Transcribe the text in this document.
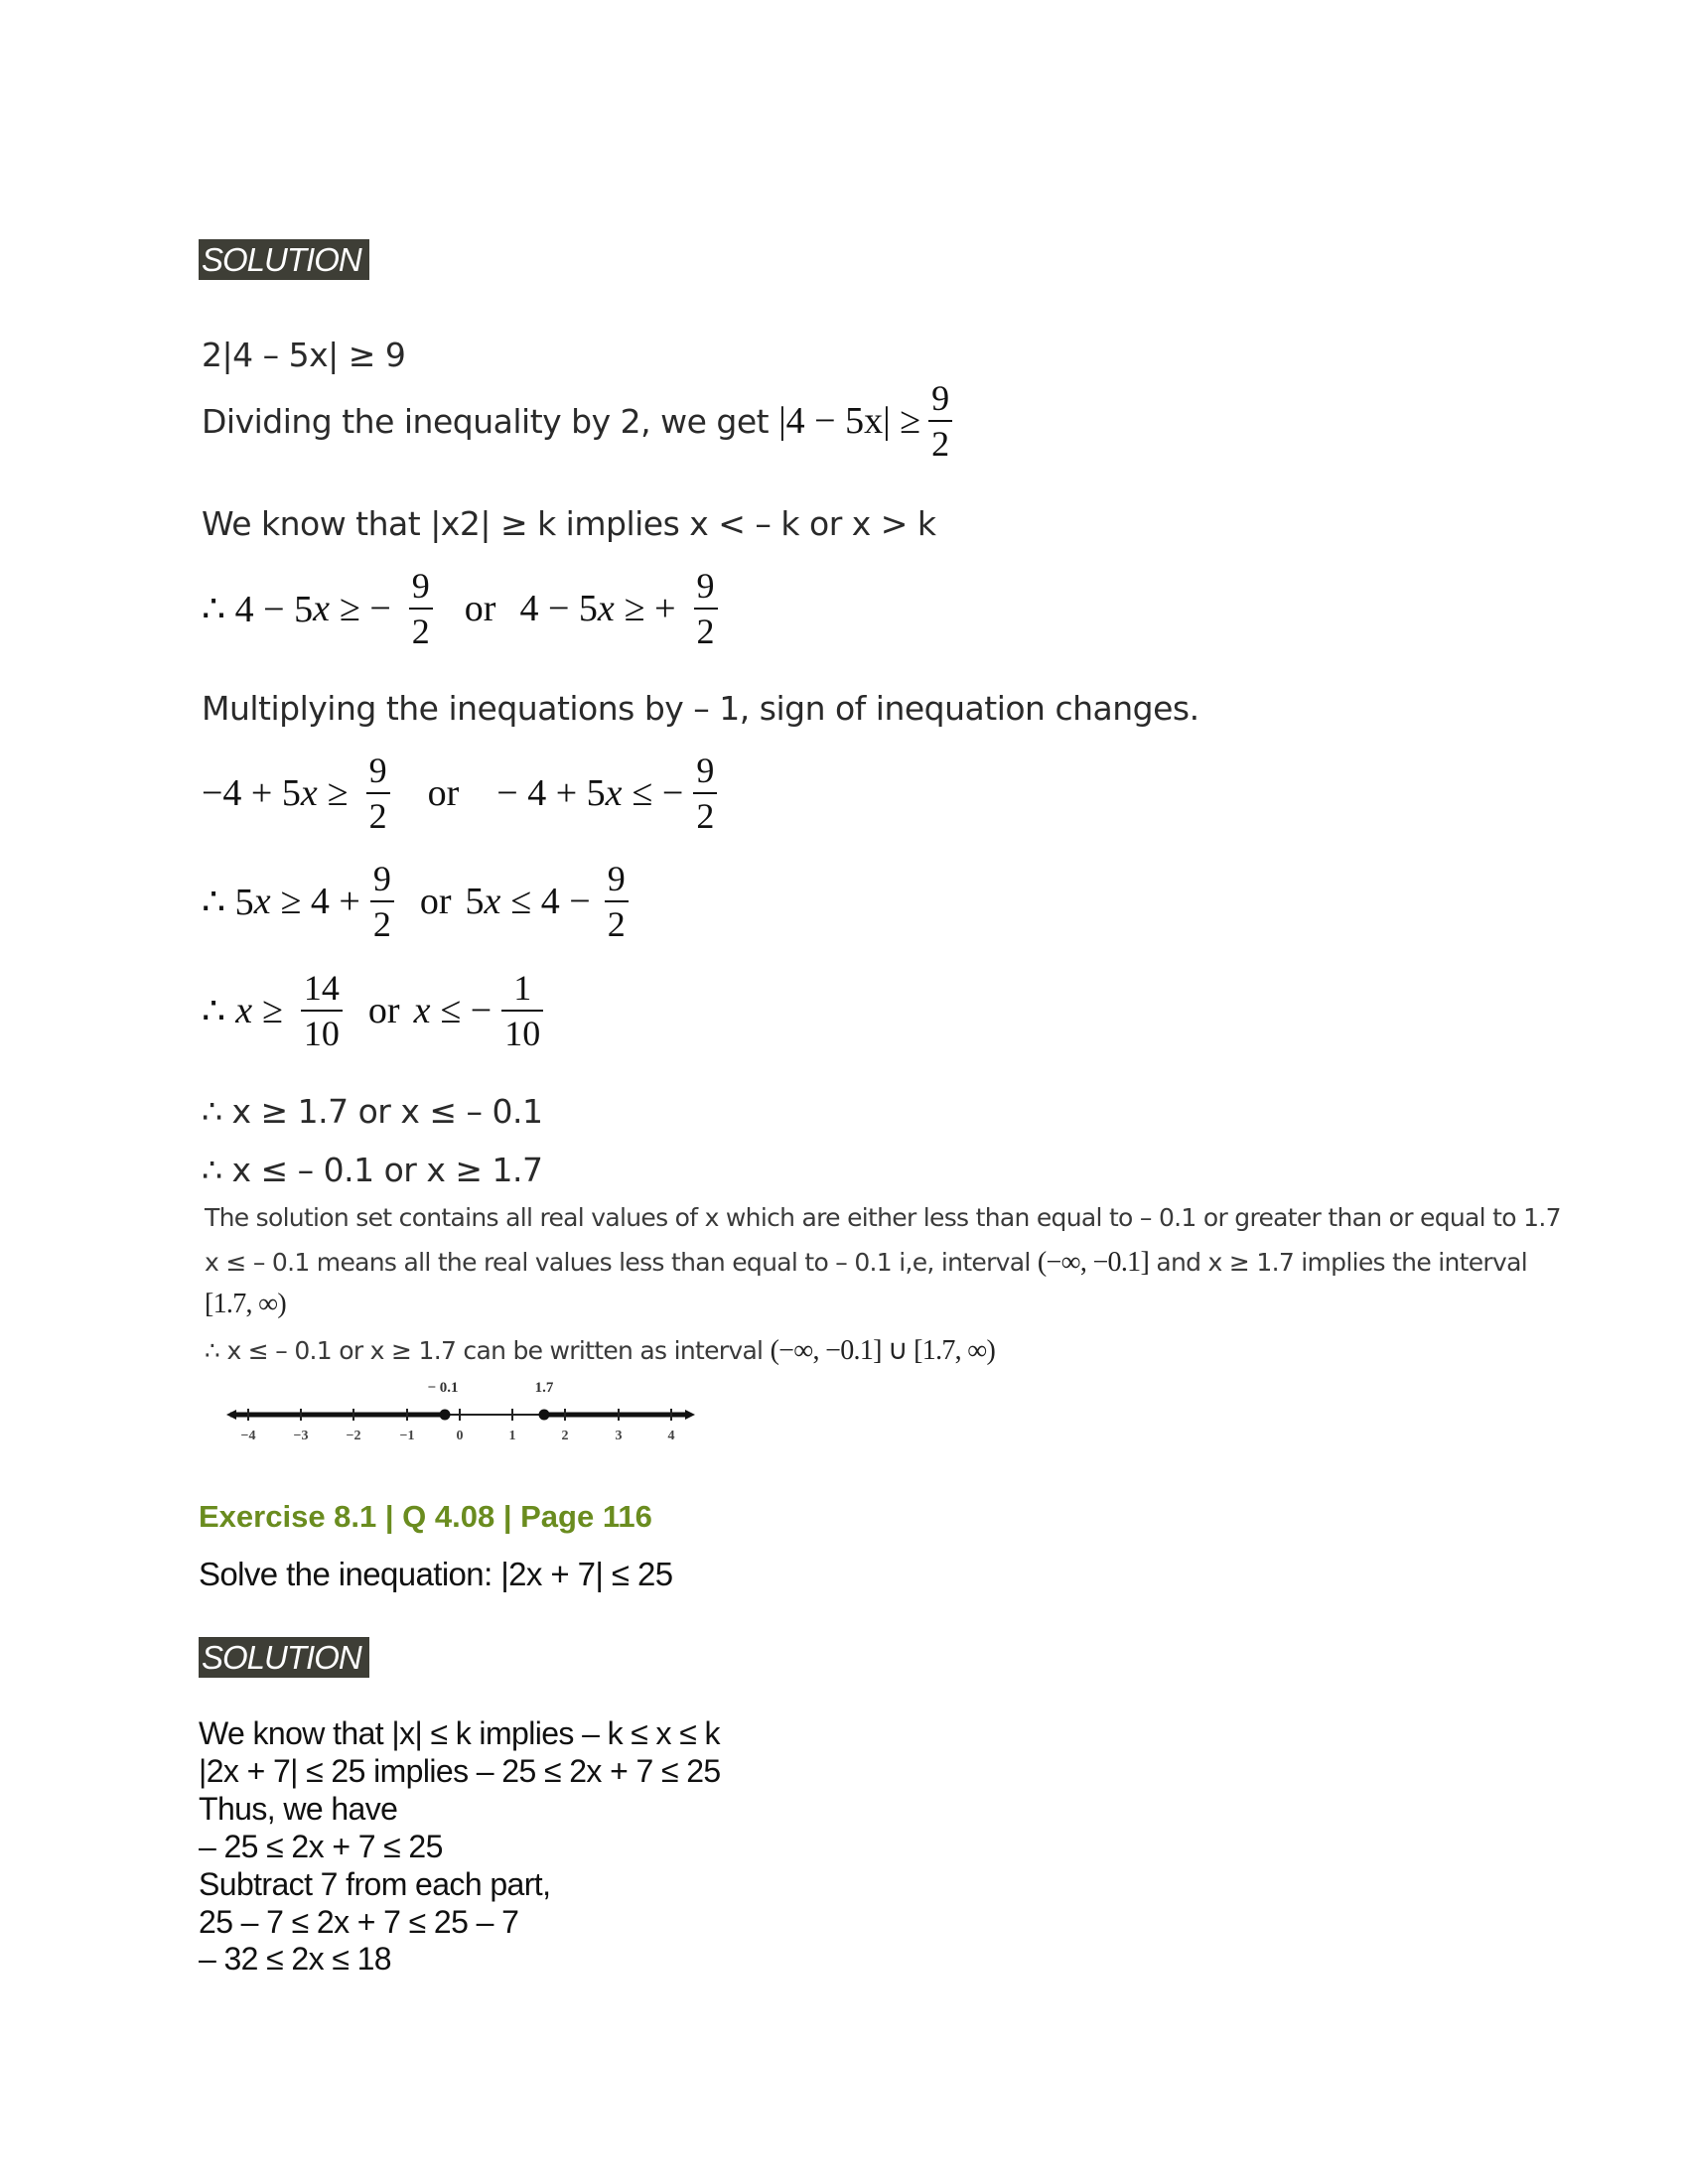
SOLUTION
2|4 – 5x| ≥ 9
Dividing the inequality by 2, we get $|4 - 5x| \ge \frac{9}{2}$
We know that |x2| ≥ k implies x < – k or x > k
∴ 4 − 5 x ≥ − $\frac{9}{2}$ or 4 − 5 x ≥ + $\frac{9}{2}$
Multiplying the inequations by – 1, sign of inequation changes.
−4 + 5 $x \ge \frac{9}{2}$ or − 4 + 5 x ≤ − $\frac{9}{2}$
∴ 5 $x \ge 4 + \frac{9}{2}$ or 5 $x \le 4 - \frac{9}{2}$
∴ $x \ge \frac{14}{10}$ or x ≤ − $\frac{1}{10}$
∴ x ≥ 1.7 or x ≤ – 0.1
∴ x ≤ – 0.1 or x ≥ 1.7
The solution set contains all real values of x which are either less than equal to – 0.1 or greater than or equal to 1.7
x ≤ – 0.1 means all the real values less than equal to – 0.1 i,e, interval (−∞, −0.1] and x ≥ 1.7 implies the interval
[1.7, ∞)
∴ x ≤ – 0.1 or x ≥ 1.7 can be written as interval (−∞, −0.1] ∪ [1.7, ∞)
− 0.1	1.7
−4	−3	−2	−1	0	1	2	3	4
Exercise 8.1 | Q 4.08 | Page 116
Solve the inequation: |2x + 7| ≤ 25
SOLUTION
We know that |x| ≤ k implies – k ≤ x ≤ k
|2x + 7| ≤ 25 implies – 25 ≤ 2x + 7 ≤ 25
Thus, we have
– 25 ≤ 2x + 7 ≤ 25
Subtract 7 from each part,
25 – 7 ≤ 2x + 7 ≤ 25 – 7
– 32 ≤ 2x ≤ 18
